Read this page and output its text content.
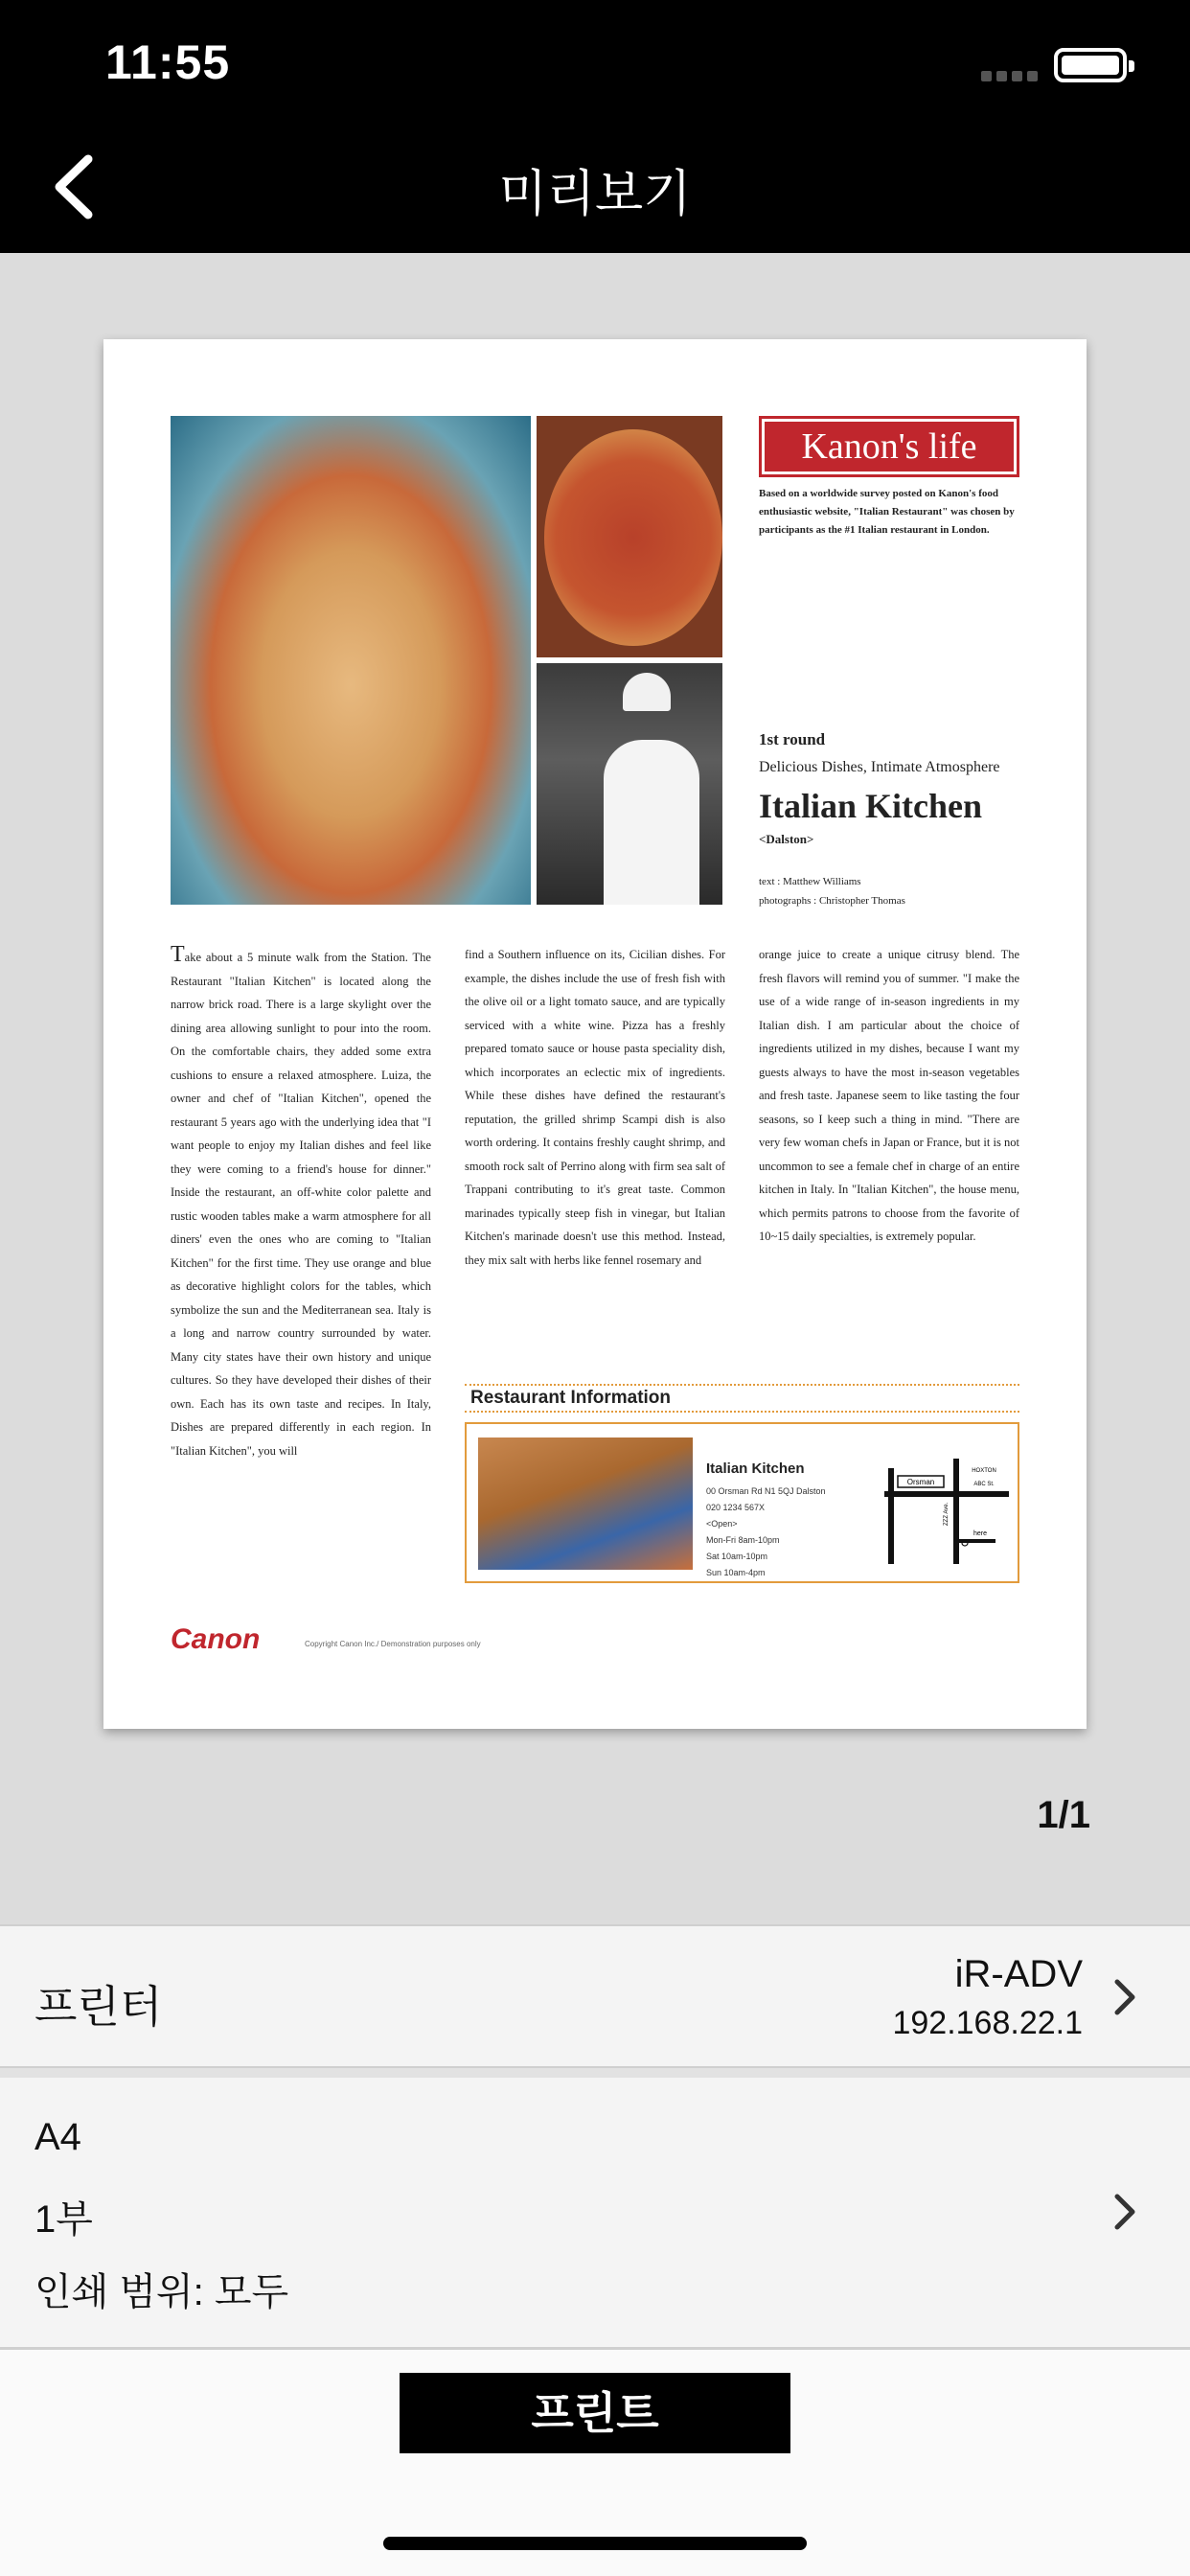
11:55
미리보기
Kanon's life
Based on a worldwide survey posted on Kanon's food enthusiastic website, "Italian Restaurant" was chosen by participants as the #1 Italian restaurant in London.
1st round
Delicious Dishes, Intimate Atmosphere
Italian Kitchen
<Dalston>
text : Matthew Williams
photographs : Christopher Thomas
Take about a 5 minute walk from the Station. The Restaurant "Italian Kitchen" is located along the narrow brick road. There is a large skylight over the dining area allowing sunlight to pour into the room. On the comfortable chairs, they added some extra cushions to ensure a relaxed atmosphere. Luiza, the owner and chef of "Italian Kitchen", opened the restaurant 5 years ago with the underlying idea that "I want people to enjoy my Italian dishes and feel like they were coming to a friend's house for dinner." Inside the restaurant, an off-white color palette and rustic wooden tables make a warm atmosphere for all diners' even the ones who are coming to "Italian Kitchen" for the first time. They use orange and blue as decorative highlight colors for the tables, which symbolize the sun and the Mediterranean sea. Italy is a long and narrow country surrounded by water. Many city states have their own history and unique cultures. So they have developed their dishes of their own. Each has its own taste and recipes. In Italy, Dishes are prepared differently in each region. In "Italian Kitchen", you will
find a Southern influence on its, Cicilian dishes. For example, the dishes include the use of fresh fish with the olive oil or a light tomato sauce, and are typically serviced with a white wine. Pizza has a freshly prepared tomato sauce or house pasta speciality dish, which incorporates an eclectic mix of ingredients. While these dishes have defined the restaurant's reputation, the grilled shrimp Scampi dish is also worth ordering. It contains freshly caught shrimp, and smooth rock salt of Perrino along with firm sea salt of Trappani contributing to it's great taste. Common marinades typically steep fish in vinegar, but Italian Kitchen's marinade doesn't use this method. Instead, they mix salt with herbs like fennel rosemary and
orange juice to create a unique citrusy blend. The fresh flavors will remind you of summer. "I make the use of a wide range of in-season ingredients in my Italian dish. I am particular about the choice of ingredients utilized in my dishes, because I want my guests always to have the most in-season vegetables and fresh taste. Japanese seem to like tasting the four seasons, so I keep such a thing in mind. "There are very few woman chefs in Japan or France, but it is not uncommon to see a female chef in charge of an entire kitchen in Italy. In "Italian Kitchen", the house menu, which permits patrons to choose from the favorite of 10~15 daily specialties, is extremely popular.
Restaurant Information
Italian Kitchen
00 Orsman Rd N1 5QJ Dalston
020 1234 567X
<Open>
Mon-Fri 8am-10pm
Sat 10am-10pm
Sun 10am-4pm
Orsman
HOXTON
ABC St.
ZZZ Ave.
here
Canon	Copyright Canon Inc./ Demonstration purposes only
1/1
프린터
iR-ADV
192.168.22.1
A4
1부
인쇄 범위: 모두
프린트
